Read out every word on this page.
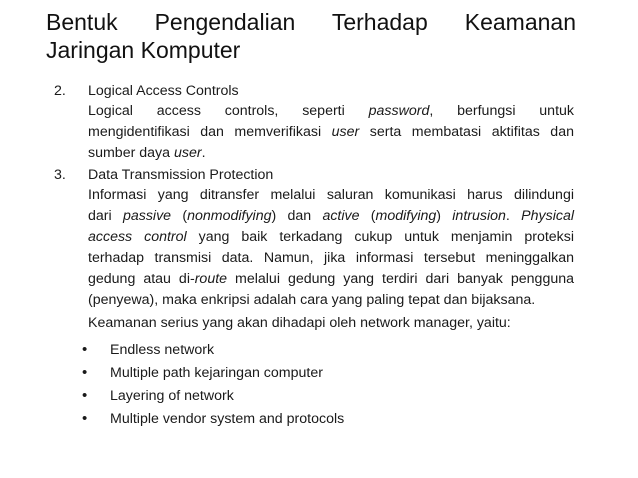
Bentuk Pengendalian Terhadap Keamanan Jaringan Komputer
2.	Logical Access Controls
Logical access controls, seperti password, berfungsi untuk
mengidentifikasi dan memverifikasi user serta membatasi aktifitas dan
sumber daya user.
3.	Data Transmission Protection
Informasi yang ditransfer melalui saluran komunikasi harus dilindungi
dari passive (nonmodifying) dan active (modifying) intrusion. Physical
access control yang baik terkadang cukup untuk menjamin proteksi
terhadap transmisi data. Namun, jika informasi tersebut meninggalkan
gedung atau di-route melalui gedung yang terdiri dari banyak pengguna
(penyewa), maka enkripsi adalah cara yang paling tepat dan bijaksana.
Keamanan serius yang akan dihadapi oleh network manager, yaitu:
•	Endless network
•	Multiple path kejaringan computer
•	Layering of network
•	Multiple vendor system and protocols
